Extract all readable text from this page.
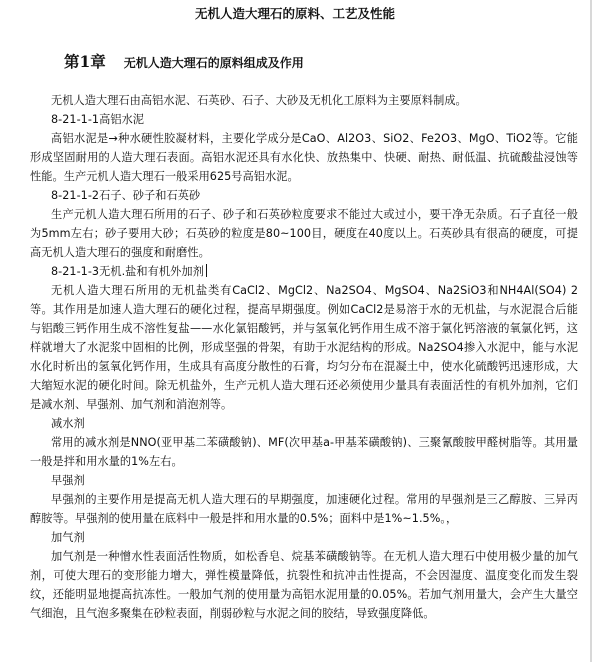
无机人造大理石的原料、工艺及性能
第1章 无机人造大理石的原料组成及作用

无机人造大理石由高铝水泥、石英砂、石子、大砂及无机化工原料为主要原料制成。

8-21-1-1高铝水泥

高铝水泥是→种水硬性胶凝材料，主要化学成分是CaO、Al2O3、SiO2、Fe2O3、MgO、TiO2等。它能形成坚固耐用的人造大理石表面。高铝水泥还具有水化快、放热集中、快硬、耐热、耐低温、抗硫酸盐浸蚀等性能。生产元机人造大理石一般采用625号高铝水泥。

8-21-1-2石子、砂子和石英砂

生产元机人造大理石所用的石子、砂子和石英砂粒度要求不能过大或过小，要干净无杂质。石子直径一般为5mm左右；砂子要用大砂；石英砂的粒度是80~100目，硬度在40度以上。石英砂具有很高的硬度，可提高无机人造大理石的强度和耐磨性。

8-21-1-3无机.盐和有机外加剂

无机人造大理石所用的无机盐类有CaCl2、MgCl2、Na2SO4、MgSO4、Na2SiO3和NH4Al(SO4) 2等。其作用是加速人造大理石的硬化过程，提高早期强度。例如CaCl2是易溶于水的无机盐，与水泥混合后能与铝酸三钙作用生成不溶性复盐——水化氯铝酸钙，并与氢氧化钙作用生成不溶于氯化钙溶液的氧氯化钙，这样就增大了水泥浆中固相的比例，形成坚强的骨架，有助于水泥结构的形成。Na2SO4掺入水泥中，能与水泥水化时析出的氢氧化钙作用，生成具有高度分散性的石膏，均匀分布在混凝土中，使水化硫酸钙迅速形成，大大缩短水泥的硬化时间。除无机盐外，生产元机人造大理石还必须使用少量具有表面活性的有机外加剂，它们是减水剂、早强剂、加气剂和消泡剂等。

减水剂

常用的减水剂是NNO(亚甲基二苯磺酸钠)、MF(次甲基a-甲基苯磺酸钠)、三聚氰酸胺甲醛树脂等。其用量一般是拌和用水量的1%左右。

早强剂

早强剂的主要作用是提高无机人造大理石的早期强度，加速硬化过程。常用的早强剂是三乙醇胺、三异丙醇胺等。早强剂的使用量在底料中一般是拌和用水量的0.5%；面料中是1%~1.5%。，

加气剂

加气剂是一种憎水性表面活性物质，如松香皂、烷基苯磺酸钠等。在无机人造大理石中使用极少量的加气剂，可使大理石的变形能力增大，弹性模量降低，抗裂性和抗冲击性提高，不会因湿度、温度变化而发生裂纹，还能明显地提高抗冻性。一般加气剂的使用量为高铝水泥用量的0.05%。若加气剂用量大，会产生大量空气细泡，且气泡多聚集在砂粒表面，削弱砂粒与水泥之间的胶结，导致强度降低。
